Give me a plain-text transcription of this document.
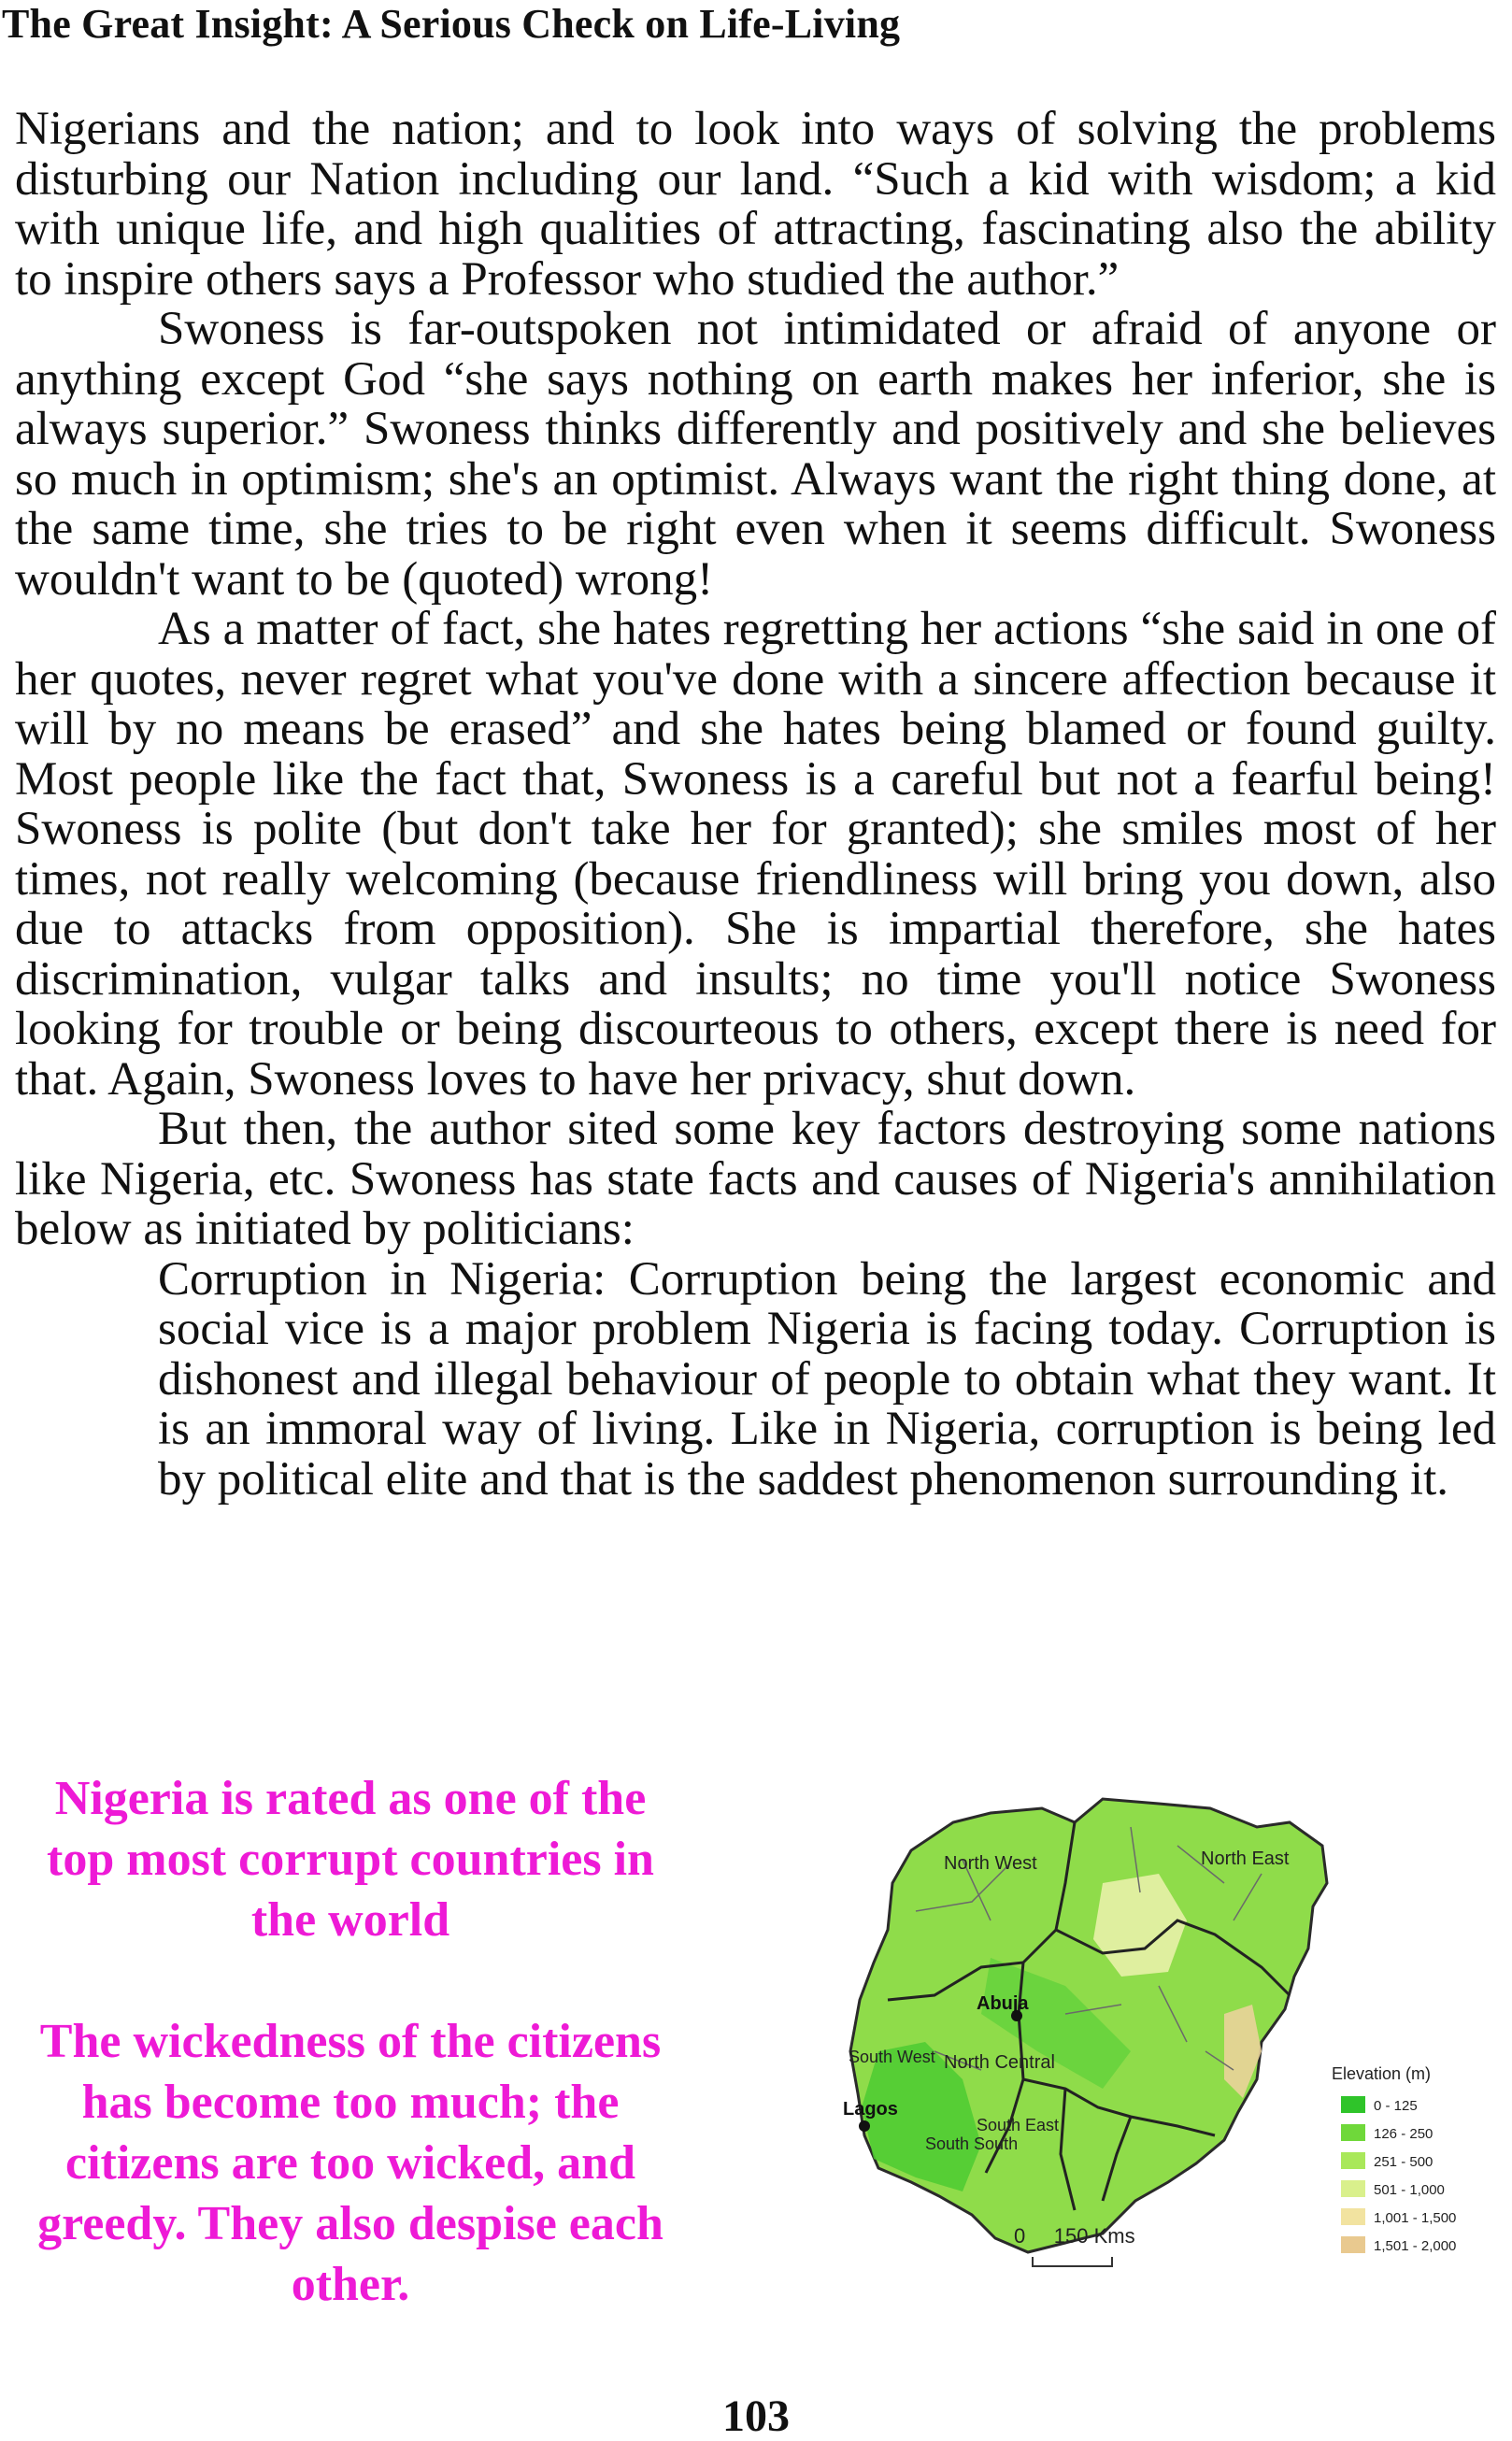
The Great Insight: A Serious Check on Life-Living

Nigerians and the nation; and to look into ways of solving the problems disturbing our Nation including our land. “Such a kid with wisdom; a kid with unique life, and high qualities of attracting, fascinating also the ability to inspire others says a Professor who studied the author.”

Swoness is far-outspoken not intimidated or afraid of anyone or anything except God “she says nothing on earth makes her inferior, she is always superior.” Swoness thinks differently and positively and she believes so much in optimism; she's an optimist. Always want the right thing done, at the same time, she tries to be right even when it seems difficult. Swoness wouldn't want to be (quoted) wrong!

As a matter of fact, she hates regretting her actions “she said in one of her quotes, never regret what you've done with a sincere affection because it will by no means be erased” and she hates being blamed or found guilty. Most people like the fact that, Swoness is a careful but not a fearful being! Swoness is polite (but don't take her for granted); she smiles most of her times, not really welcoming (because friendliness will bring you down, also due to attacks from opposition). She is impartial therefore, she hates discrimination, vulgar talks and insults; no time you'll notice Swoness looking for trouble or being discourteous to others, except there is need for that. Again, Swoness loves to have her privacy, shut down.

But then, the author sited some key factors destroying some nations like Nigeria, etc. Swoness has state facts and causes of Nigeria's annihilation below as initiated by politicians:

Corruption in Nigeria: Corruption being the largest economic and social vice is a major problem Nigeria is facing today. Corruption is dishonest and illegal behaviour of people to obtain what they want. It is an immoral way of living. Like in Nigeria, corruption is being led by political elite and that is the saddest phenomenon surrounding it.

Nigeria is rated as one of the top most corrupt countries in the world

The wickedness of the citizens has become too much; the citizens are too wicked, and greedy. They also despise each other.

North West	North East
North Central
South West
South South
South East
Abuja
Lagos
0     150 Kms
Elevation (m)
0 - 125
126 - 250
251 - 500
501 - 1,000
1,001 - 1,500
1,501 - 2,000
103
